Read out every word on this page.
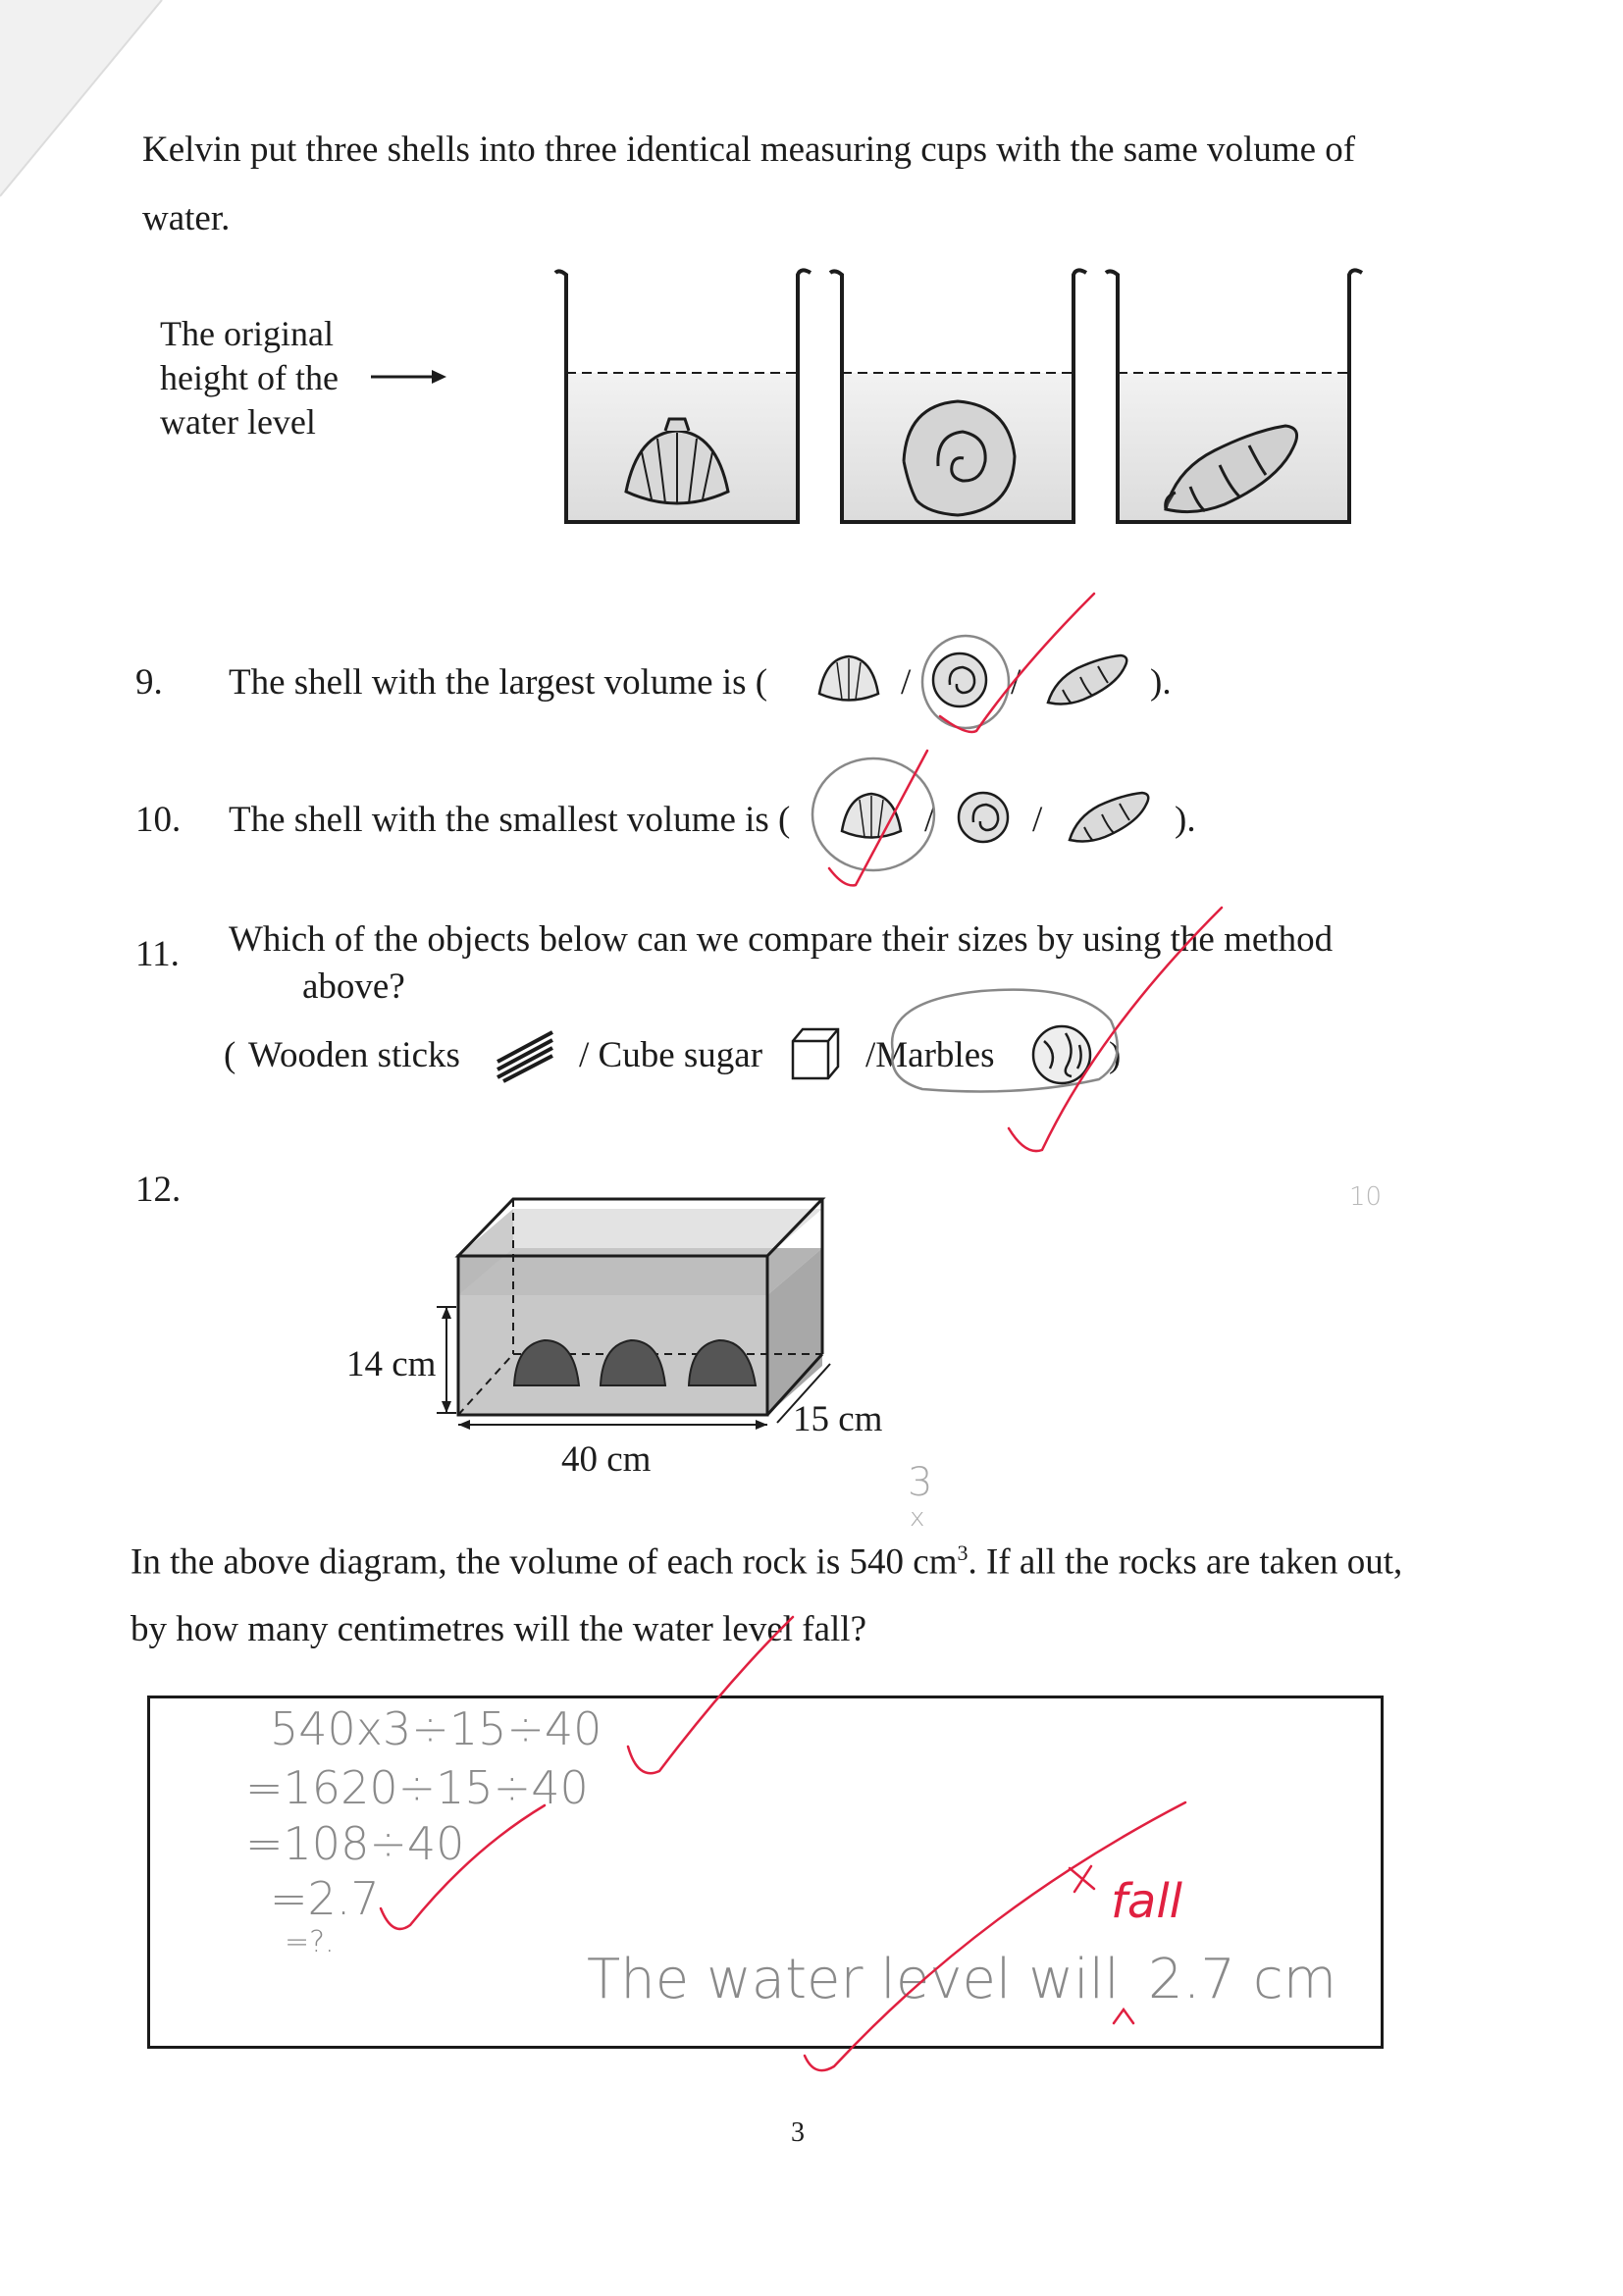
Kelvin put three shells into three identical measuring cups with the same volume of
water.
The original
height of the
water level
9. The shell with the largest volume is (	/	/	).
10. The shell with the smallest volume is (	/	/	).
11. Which of the objects below can we compare their sizes by using the method
above?
( Wooden sticks	/ Cube sugar	/Marbles	)
12.
14 cm
40 cm
15 cm
In the above diagram, the volume of each rock is 540 $cm^3$. If all the rocks are taken out,
by how many centimetres will the water level fall?
540x3÷15÷40
=1620÷15÷40
=108÷40
=2.7
=?.
The water level will 2.7 cm
fall
3
x
10
3
